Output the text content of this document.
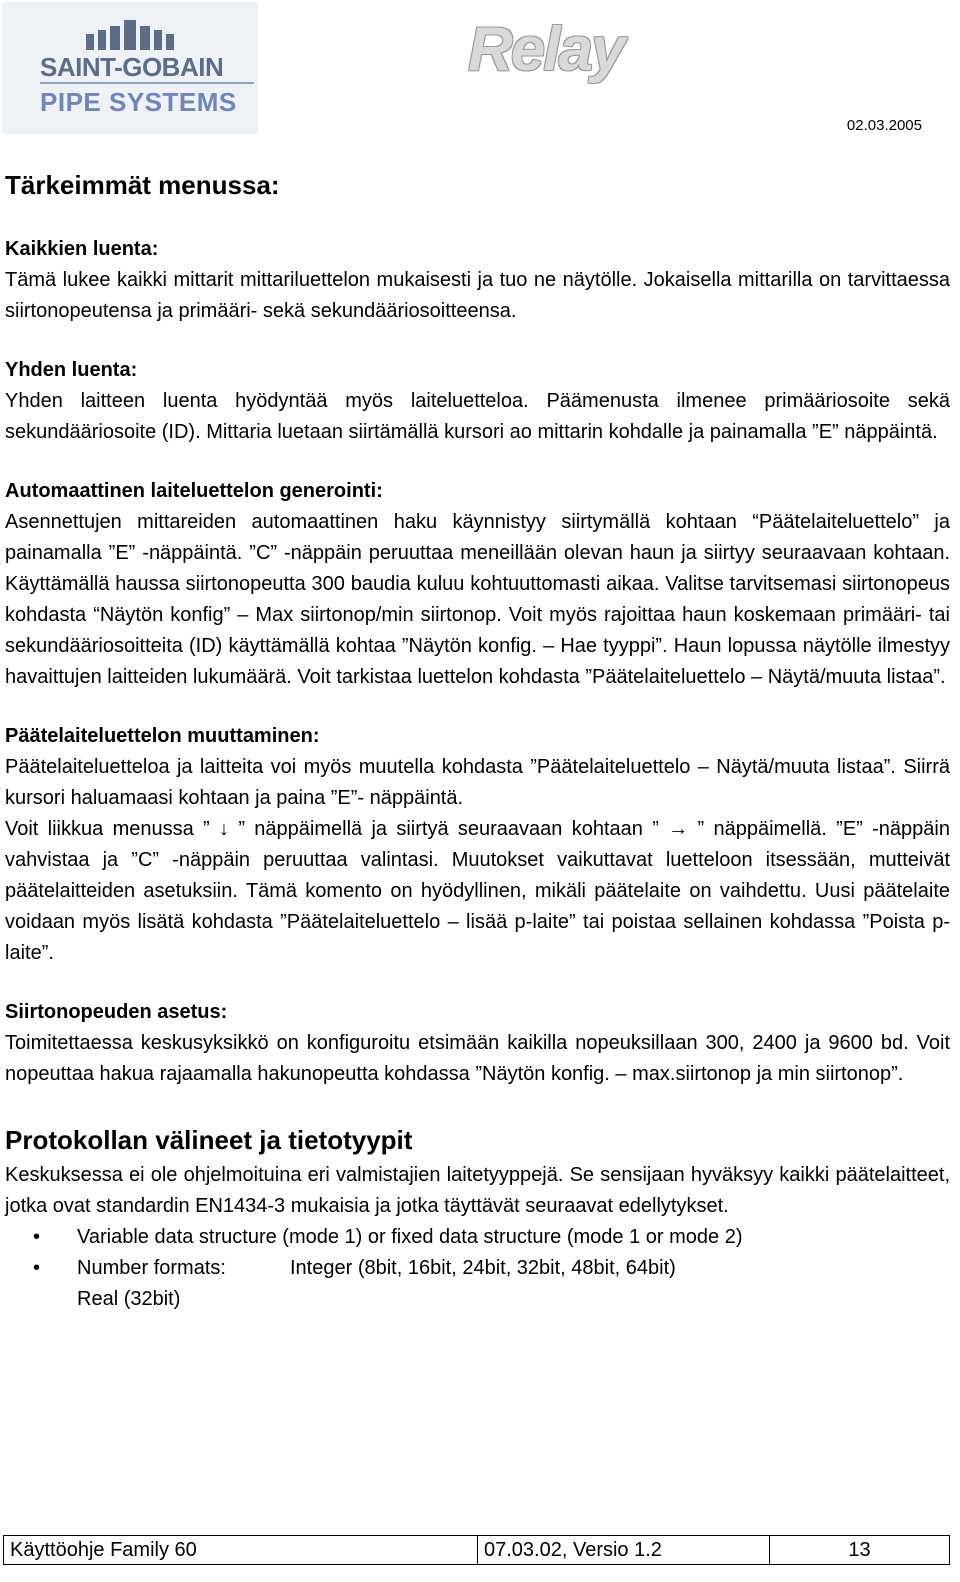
SAINT-GOBAIN
PIPE SYSTEMS
Relay
02.03.2005
Tärkeimmät menussa:
Kaikkien luenta:

Tämä lukee kaikki mittarit mittariluettelon mukaisesti ja tuo ne näytölle. Jokaisella mittarilla on tarvittaessa siirtonopeutensa ja primääri- sekä sekundääriosoitteensa.

Yhden luenta:

Yhden laitteen luenta hyödyntää myös laiteluetteloa. Päämenusta ilmenee primääriosoite sekä sekundääriosoite (ID). Mittaria luetaan siirtämällä kursori ao mittarin kohdalle ja painamalla ”E” näppäintä.

Automaattinen laiteluettelon generointi:

Asennettujen mittareiden automaattinen haku käynnistyy siirtymällä kohtaan “Päätelaiteluettelo” ja painamalla ”E” -näppäintä. ”C” -näppäin peruuttaa meneillään olevan haun ja siirtyy seuraavaan kohtaan. Käyttämällä haussa siirtonopeutta 300 baudia kuluu kohtuuttomasti aikaa. Valitse tarvitsemasi siirtonopeus kohdasta “Näytön konfig” – Max siirtonop/min siirtonop. Voit myös rajoittaa haun koskemaan primääri- tai sekundääriosoitteita (ID) käyttämällä kohtaa ”Näytön konfig. – Hae tyyppi”. Haun lopussa näytölle ilmestyy havaittujen laitteiden lukumäärä. Voit tarkistaa luettelon kohdasta ”Päätelaiteluettelo – Näytä/muuta listaa”.

Päätelaiteluettelon muuttaminen:

Päätelaiteluetteloa ja laitteita voi myös muutella kohdasta ”Päätelaiteluettelo – Näytä/muuta listaa”. Siirrä kursori haluamaasi kohtaan ja paina ”E”- näppäintä.

Voit liikkua menussa ” ↓ ” näppäimellä ja siirtyä seuraavaan kohtaan ” → ” näppäimellä. ”E” -näppäin vahvistaa ja ”C” -näppäin peruuttaa valintasi. Muutokset vaikuttavat luetteloon itsessään, mutteivät päätelaitteiden asetuksiin. Tämä komento on hyödyllinen, mikäli päätelaite on vaihdettu. Uusi päätelaite voidaan myös lisätä kohdasta ”Päätelaiteluettelo – lisää p-laite” tai poistaa sellainen kohdassa ”Poista p-laite”.

Siirtonopeuden asetus:

Toimitettaessa keskusyksikkö on konfiguroitu etsimään kaikilla nopeuksillaan 300, 2400 ja 9600 bd. Voit nopeuttaa hakua rajaamalla hakunopeutta kohdassa ”Näytön konfig. – max.siirtonop ja min siirtonop”.

Protokollan välineet ja tietotyypit

Keskuksessa ei ole ohjelmoituina eri valmistajien laitetyyppejä. Se sensijaan hyväksyy kaikki päätelaitteet, jotka ovat standardin EN1434-3 mukaisia ja jotka täyttävät seuraavat edellytykset.

• Variable data structure (mode 1) or fixed data structure (mode 1 or mode 2)
• Number formats:	Integer (8bit, 16bit, 24bit, 32bit, 48bit, 64bit)
Real (32bit)
Käyttöohje Family 60	07.03.02, Versio 1.2	13
